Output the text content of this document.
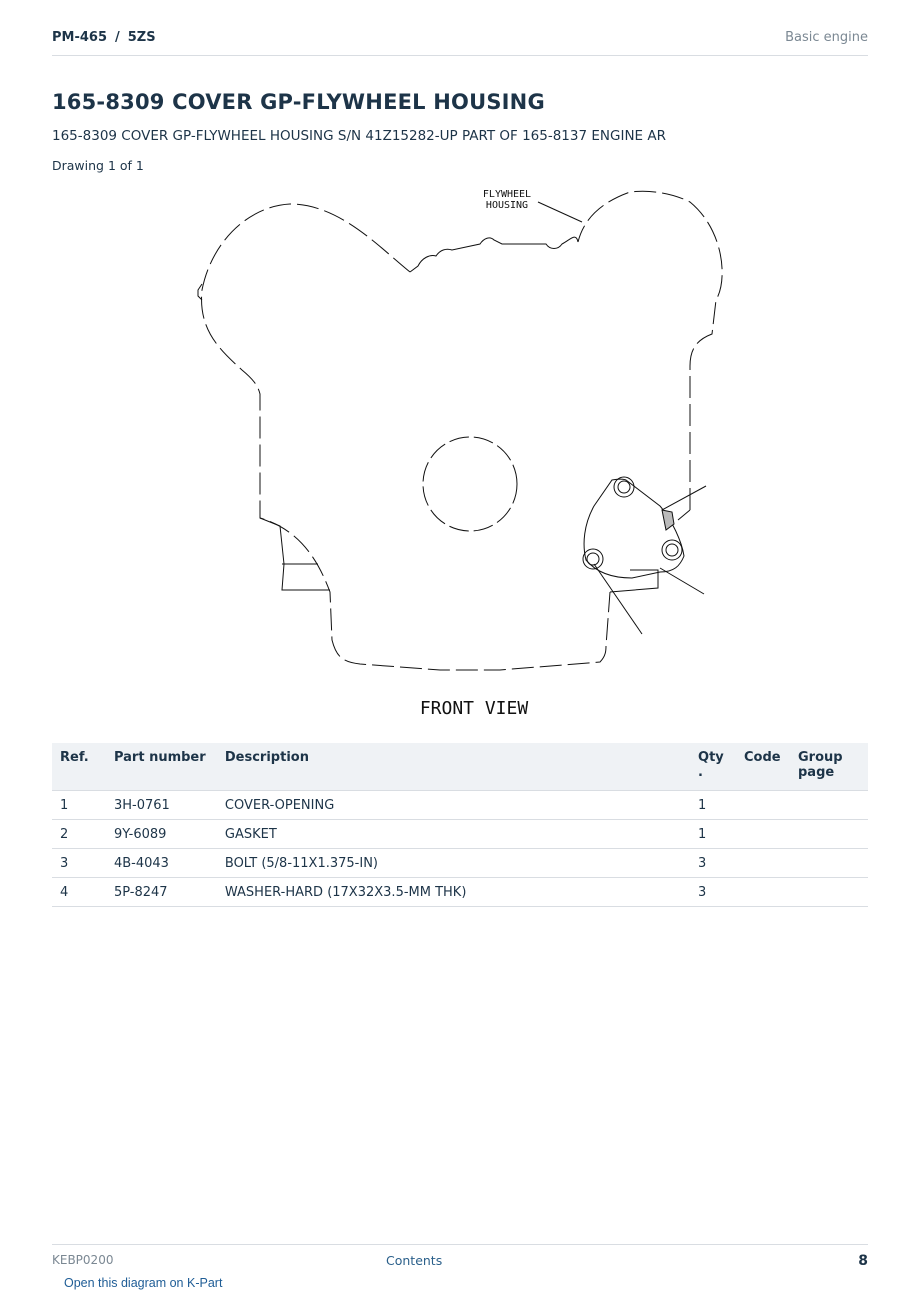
PM-465 / 5ZS	Basic engine
165-8309 COVER GP-FLYWHEEL HOUSING
165-8309 COVER GP-FLYWHEEL HOUSING S/N 41Z15282-UP PART OF 165-8137 ENGINE AR
Drawing 1 of 1
FLYWHEEL
HOUSING
FRONT VIEW
Ref.	Part number	Description	Qty .	Code	Group page
1	3H-0761	COVER-OPENING	1		
2	9Y-6089	GASKET	1		
3	4B-4043	BOLT (5/8-11X1.375-IN)	3		
4	5P-8247	WASHER-HARD (17X32X3.5-MM THK)	3		
KEBP0200	Contents	8
Open this diagram on K-Part
